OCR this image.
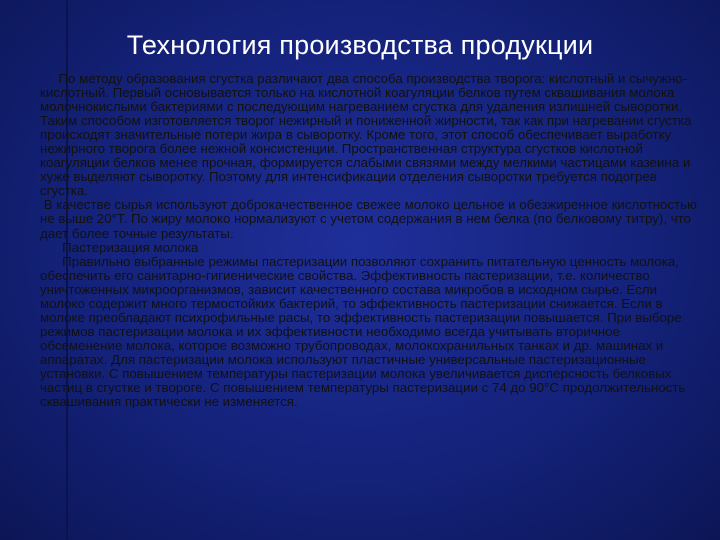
Технология производства продукции

По методу образования сгустка различают два способа производства творога: кислотный и сычужно-кислотный. Первый основывается только на кислотной коагуляции белков путем сквашивания молока молочнокислыми бактериями с последующим нагреванием сгустка для удаления излишней сыворотки. Таким способом изготовляется творог нежирный и пониженной жирности, так как при нагревании сгустка происходят значительные потери жира в сыворотку. Кроме того, этот способ обеспечивает выработку нежирного творога более нежной консистенции. Пространственная структура сгустков кислотной коагуляции белков менее прочная, формируется слабыми связями между мелкими частицами казеина и хуже выделяют сыворотку. Поэтому для интенсификации отделения сыворотки требуется подогрев сгустка.

В качестве сырья используют доброкачественное свежее молоко цельное и обезжиренное кислотностью не выше 20°Т. По жиру молоко нормализуют с учетом содержания в нем белка (по белковому титру), что дает более точные результаты.

Пастеризация молока

Правильно выбранные режимы пастеризации позволяют сохранить питательную ценность молока, обеспечить его санитарно-гигиенические свойства. Эффективность пастеризации, т.е. количество уничтоженных микроорганизмов, зависит качественного состава микробов в исходном сырье. Если молоко содержит много термостойких бактерий, то эффективность пастеризации снижается. Если в молоке преобладают психрофильные расы, то эффективность пастеризации повышается. При выборе режимов пастеризации молока и их эффективности необходимо всегда учитывать вторичное обсеменение молока, которое возможно трубопроводах, молокохранильных танках и др. машинах и аппаратах. Для пастеризации молока используют пластичные универсальные пастеризационные установки. С повышением температуры пастеризации молока увеличивается дисперсность белковых частиц в сгустке и твороге. С повышением температуры пастеризации с 74 до 90°С продолжительность сквашивания практически не изменяется.
